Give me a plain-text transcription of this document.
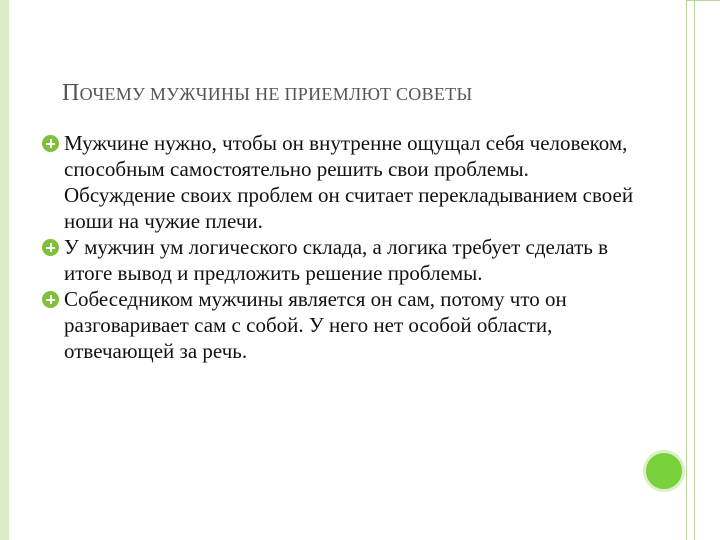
ПОЧЕМУ МУЖЧИНЫ НЕ ПРИЕМЛЮТ СОВЕТЫ
Мужчине нужно, чтобы он внутренне ощущал себя человеком, способным самостоятельно решить свои проблемы. Обсуждение своих проблем он считает перекладыванием своей ноши на чужие плечи.
У мужчин ум логического склада, а логика требует сделать в итоге вывод и предложить решение проблемы.
Собеседником мужчины является он сам, потому что он разговаривает сам с собой. У него нет особой области, отвечающей за речь.
